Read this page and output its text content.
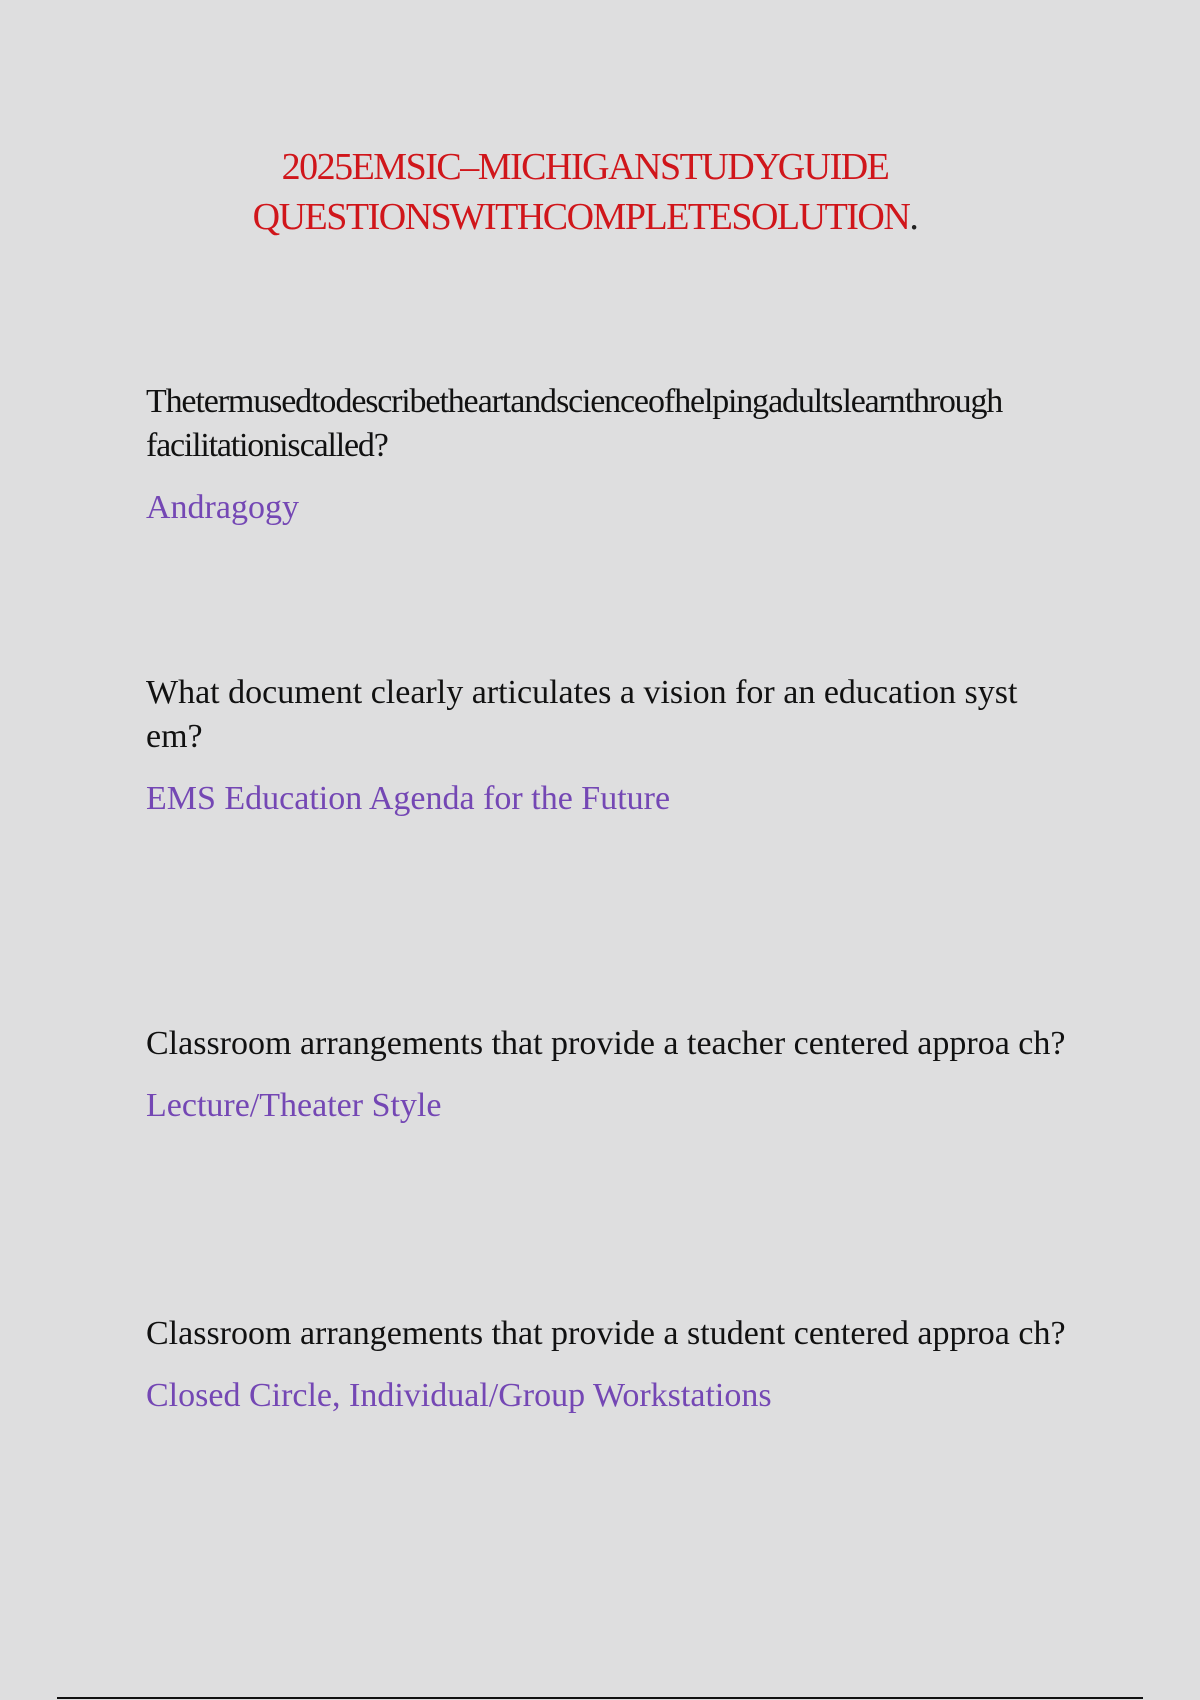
2025 EMSIC – MICHIGAN STUDY GUIDE
QUESTIONS WITH COMPLETE SOLUTION.

The term used to describe the art and science of helping adults learn through facilitation is called?

Andragogy

What document clearly articulates a vision for an education syst em?

EMS Education Agenda for the Future

Classroom arrangements that provide a teacher centered approa ch?

Lecture/Theater Style

Classroom arrangements that provide a student centered approa ch?

Closed Circle, Individual/Group Workstations
